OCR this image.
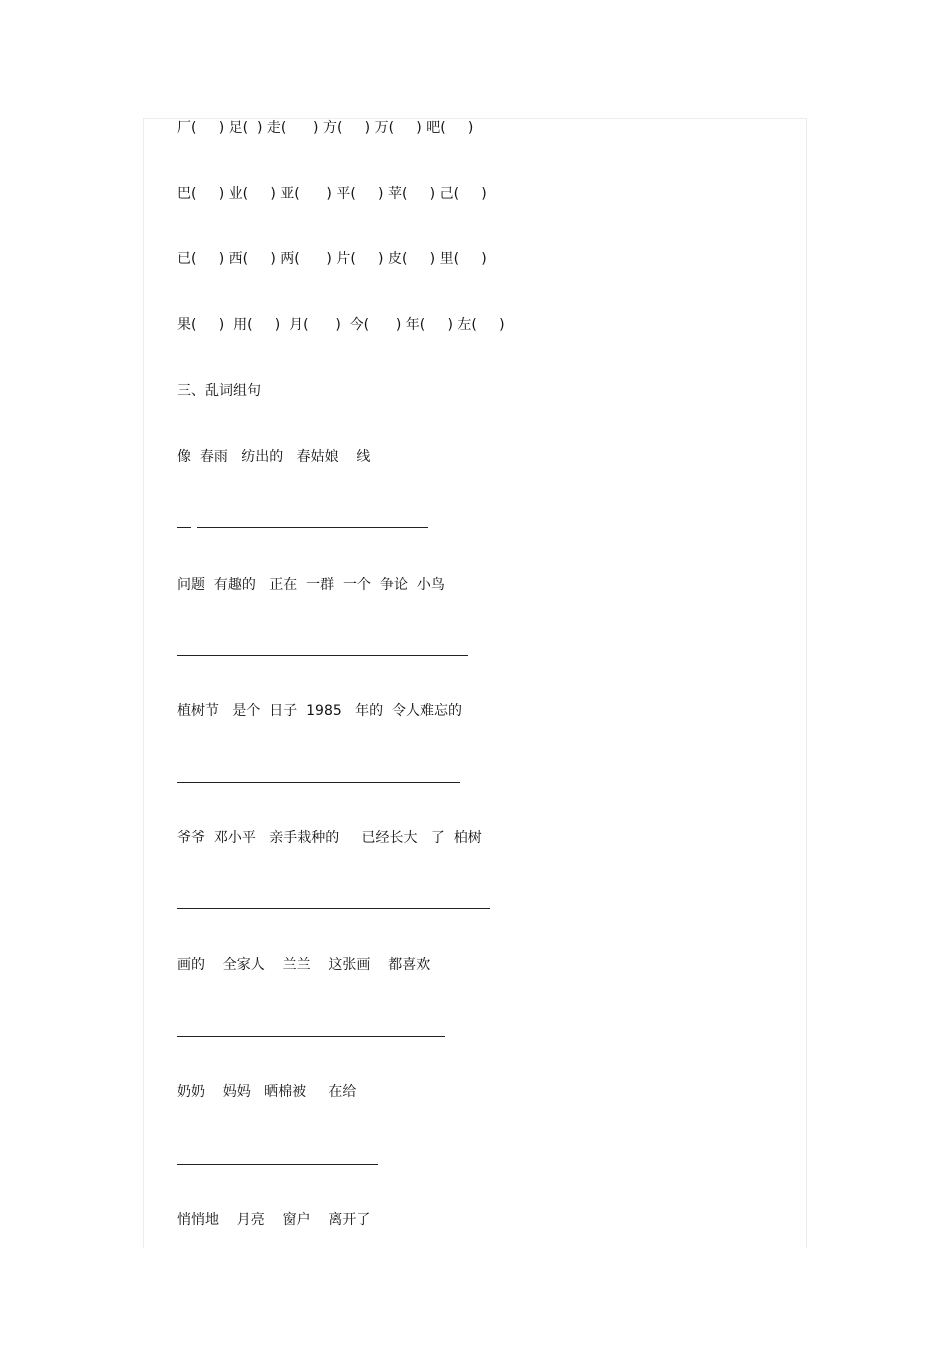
厂(     ) 足(  ) 走(      ) 方(     ) 万(     ) 吧(     )
巴(     ) 业(     ) 亚(      ) 平(     ) 苹(     ) 己(     )
已(     ) 西(     ) 两(      ) 片(     ) 皮(     ) 里(     )
果(     )  用(     )  月(      )  今(      ) 年(     ) 左(     )
三、乱词组句
像  春雨   纺出的   春姑娘    线
问题  有趣的   正在  一群  一个  争论  小鸟
植树节   是个  日子  1985   年的  令人难忘的
爷爷  邓小平   亲手栽种的     已经长大   了  柏树
画的    全家人    兰兰    这张画    都喜欢
奶奶    妈妈   晒棉被     在给
悄悄地    月亮    窗户    离开了
